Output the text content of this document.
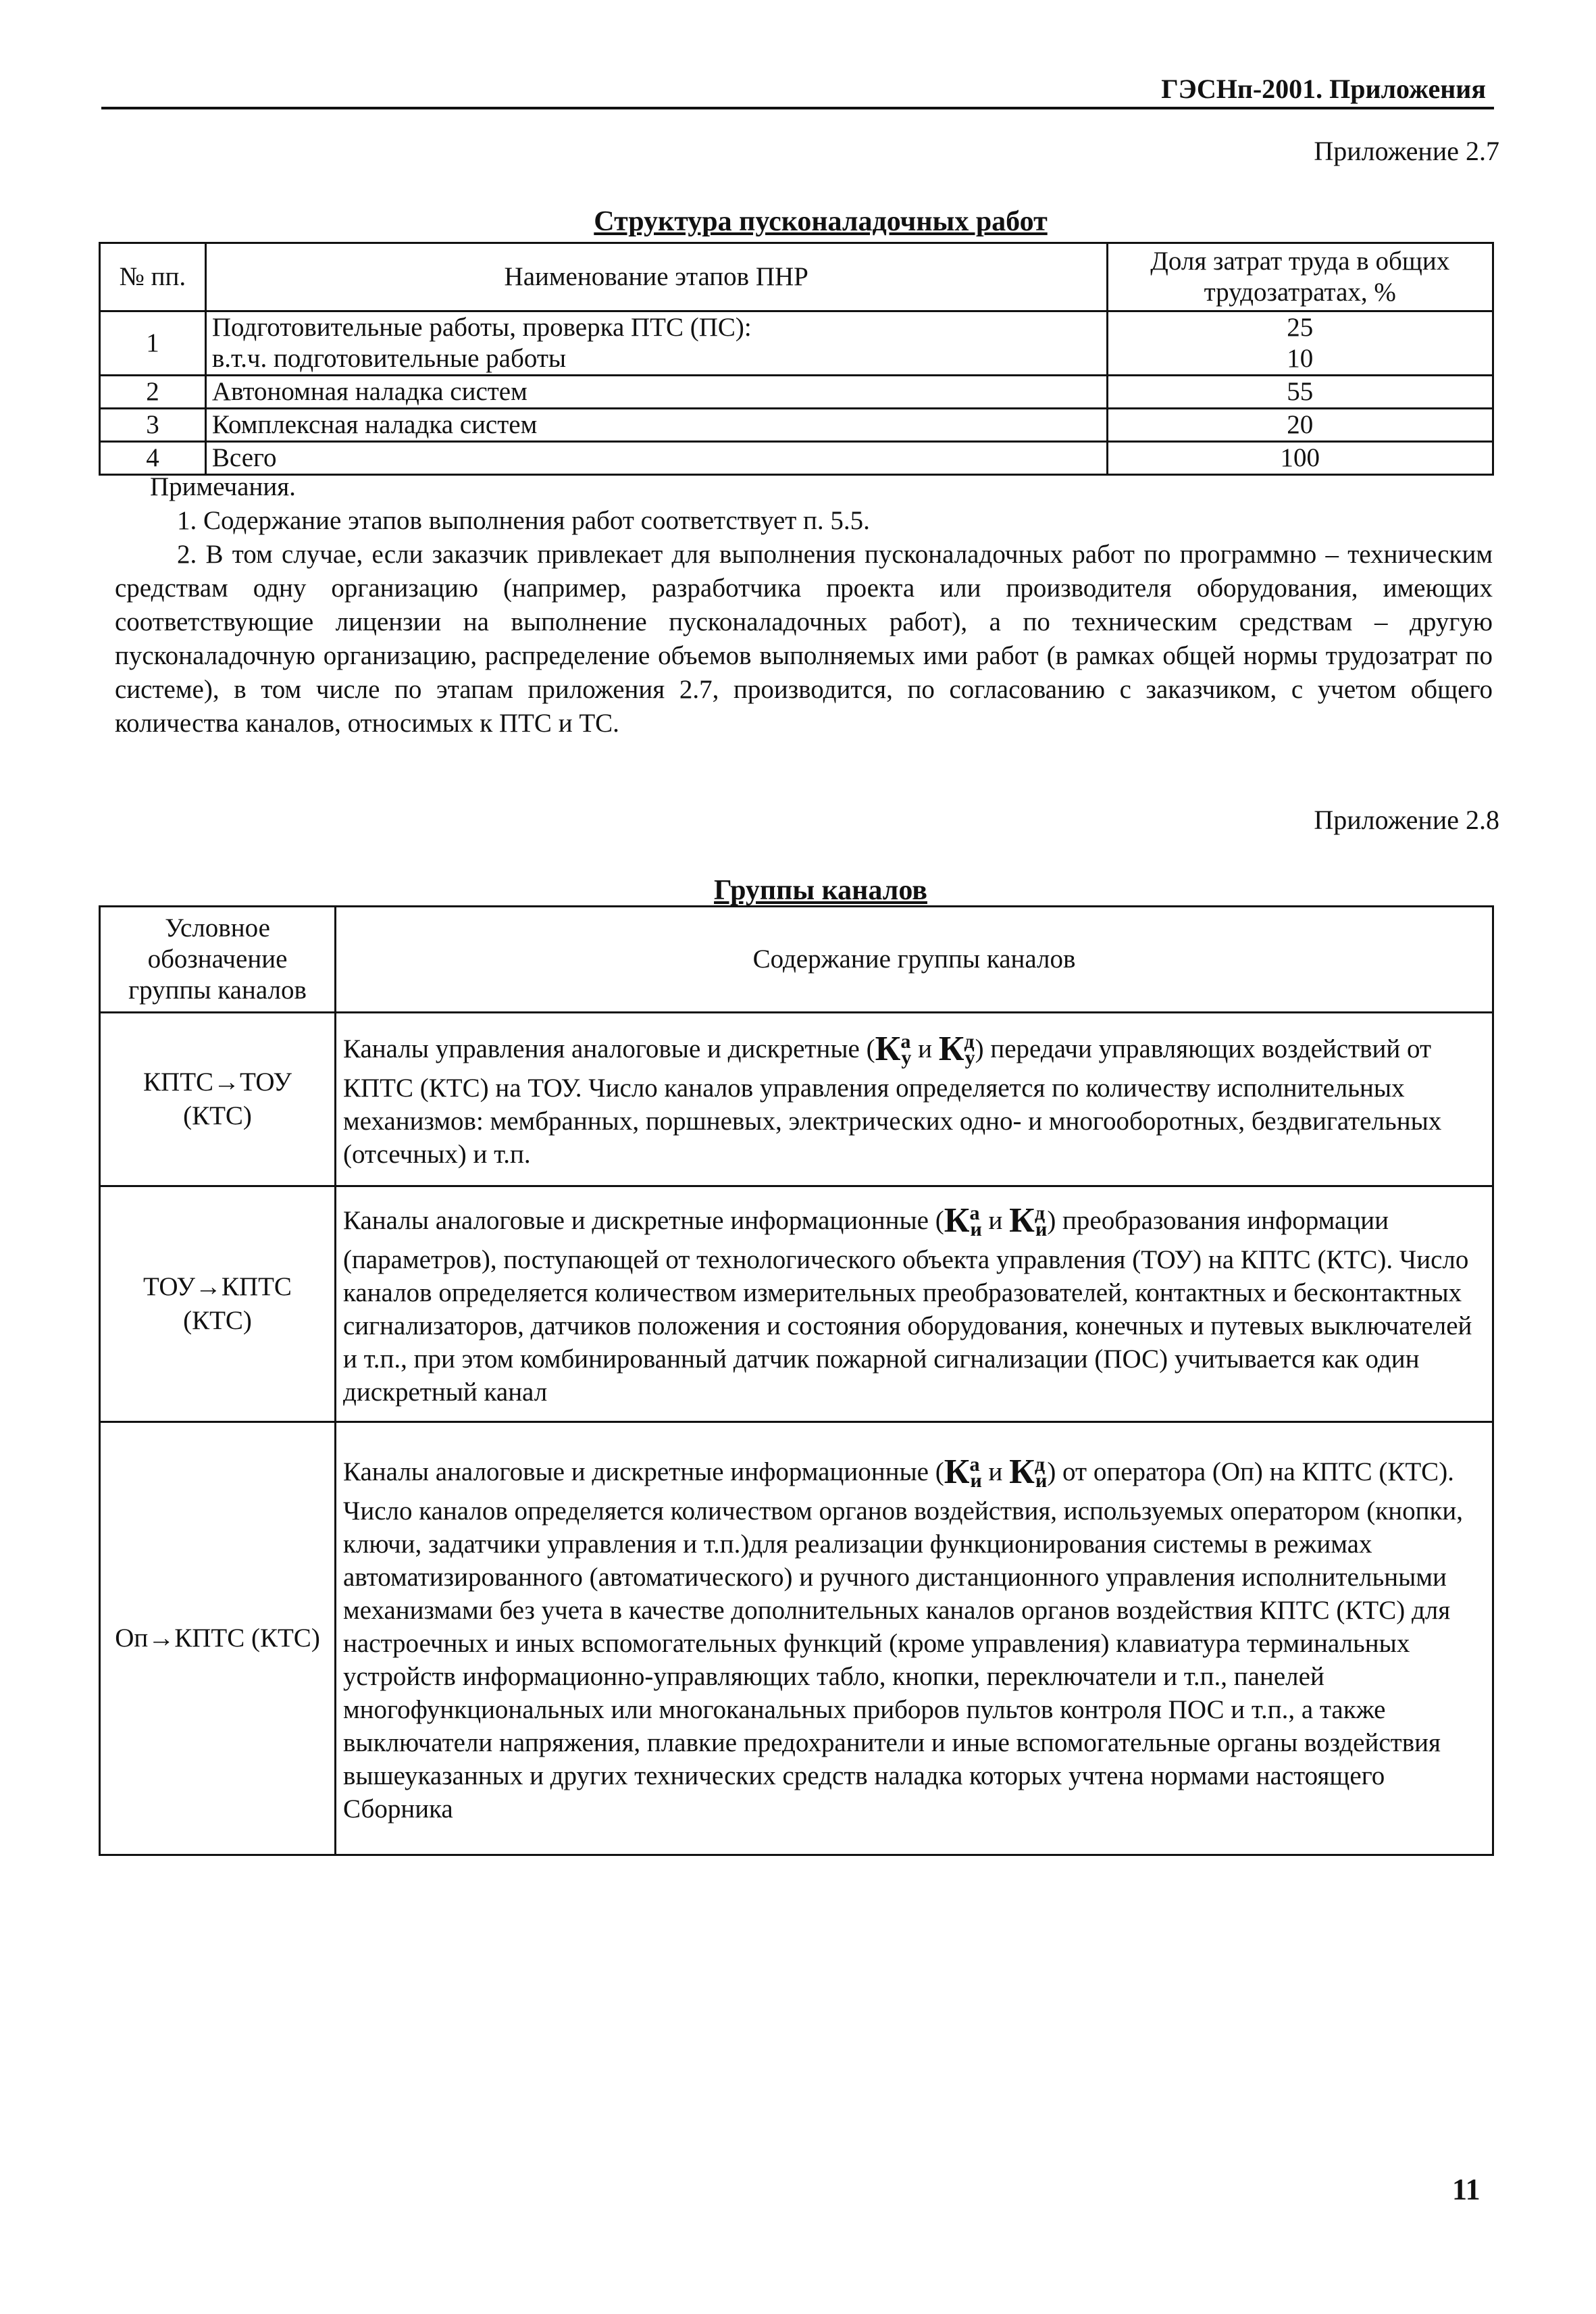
ГЭСНп-2001. Приложения
Приложение 2.7
Структура пусконаладочных работ
№ пп.	Наименование этапов ПНР	Доля затрат труда в общих трудозатратах, %
1	Подготовительные работы, проверка ПТС (ПС):	25
	в.т.ч. подготовительные работы	10
2	Автономная наладка систем	55
3	Комплексная наладка систем	20
4	Всего	100

Примечания.

1. Содержание этапов выполнения работ соответствует п. 5.5.

2. В том случае, если заказчик привлекает для выполнения пусконаладочных работ по программно – техническим средствам одну организацию (например, разработчика проекта или производителя оборудования, имеющих соответствующие лицензии на выполнение пусконаладочных работ), а по техническим средствам – другую пусконаладочную организацию, распределение объемов выполняемых ими работ (в рамках общей нормы трудозатрат по системе), в том числе по этапам приложения 2.7, производится, по согласованию с заказчиком, с учетом общего количества каналов, относимых к ПТС и ТС.

Приложение 2.8
Группы каналов
Условное обозначение группы каналов	Содержание группы каналов
КПТС→ТОУ (КТС)	Каналы управления аналоговые и дискретные ($К^а_у$ и $К^д_у$) передачи управляющих воздействий от КПТС (КТС) на ТОУ. Число каналов управления определяется по количеству исполнительных механизмов: мембранных, поршневых, электрических одно- и многооборотных, бездвигательных (отсечных) и т.п.
ТОУ→КПТС (КТС)	Каналы аналоговые и дискретные информационные ($К^а_и$ и $К^д_и$) преобразования информации (параметров), поступающей от технологического объекта управления (ТОУ) на КПТС (КТС). Число каналов определяется количеством измерительных преобразователей, контактных и бесконтактных сигнализаторов, датчиков положения и состояния оборудования, конечных и путевых выключателей и т.п., при этом комбинированный датчик пожарной сигнализации (ПОС) учитывается как один дискретный канал
Оп→КПТС (КТС)	Каналы аналоговые и дискретные информационные ($К^а_и$ и $К^д_и$) от оператора (Оп) на КПТС (КТС).
Число каналов определяется количеством органов воздействия, используемых оператором (кнопки, ключи, задатчики управления и т.п.)для реализации функционирования системы в режимах автоматизированного (автоматического) и ручного дистанционного управления исполнительными механизмами без учета в качестве дополнительных каналов органов воздействия КПТС (КТС) для настроечных и иных вспомогательных функций (кроме управления) клавиатура терминальных устройств информационно-управляющих табло, кнопки, переключатели и т.п., панелей многофункциональных или многоканальных приборов пультов контроля ПОС и т.п., а также выключатели напряжения, плавкие предохранители и иные вспомогательные органы воздействия вышеуказанных и других технических средств наладка которых учтена нормами настоящего Сборника
11
